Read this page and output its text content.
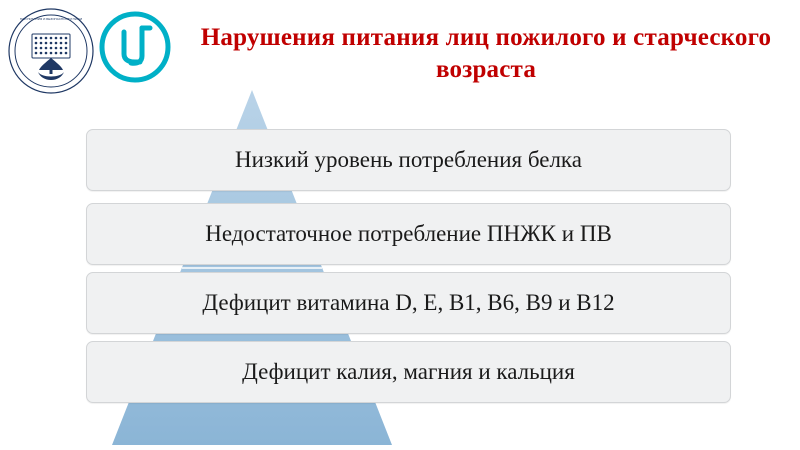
НИИ ПИТАНИЯ И БЕЗОПАСНОСТИ ПИЩИ
Нарушения питания лиц пожилого и старческого возраста
Низкий уровень потребления белка
Недостаточное потребление ПНЖК и ПВ
Дефицит витамина D, E, В1, В6, В9 и В12
Дефицит калия, магния и кальция
